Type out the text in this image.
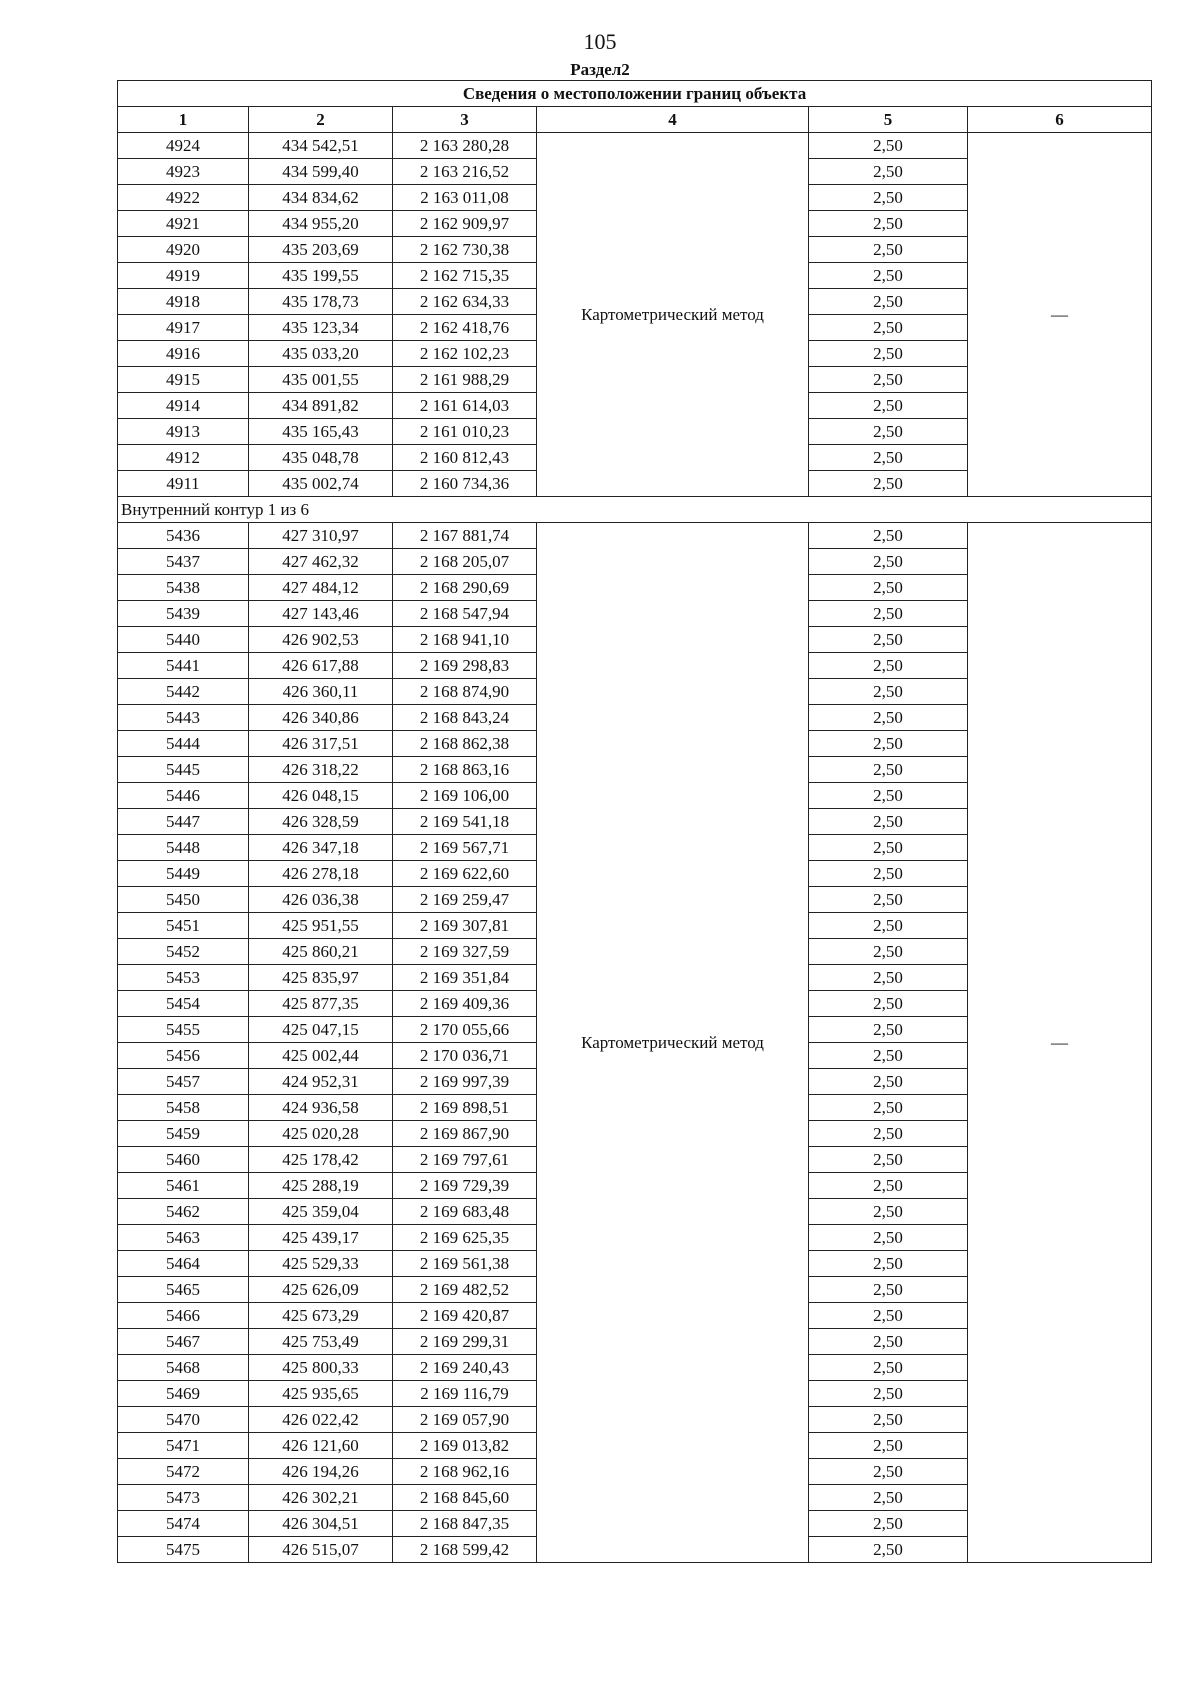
105
Раздел2
Сведения о местоположении границ объекта					
1	2	3	4	5	6
4924	434 542,51	2 163 280,28	Картометрический метод	2,50	—
4923	434 599,40	2 163 216,52		2,50	
4922	434 834,62	2 163 011,08		2,50	
4921	434 955,20	2 162 909,97		2,50	
4920	435 203,69	2 162 730,38		2,50	
4919	435 199,55	2 162 715,35		2,50	
4918	435 178,73	2 162 634,33		2,50	
4917	435 123,34	2 162 418,76		2,50	
4916	435 033,20	2 162 102,23		2,50	
4915	435 001,55	2 161 988,29		2,50	
4914	434 891,82	2 161 614,03		2,50	
4913	435 165,43	2 161 010,23		2,50	
4912	435 048,78	2 160 812,43		2,50	
4911	435 002,74	2 160 734,36		2,50	
Внутренний контур 1 из 6					
5436	427 310,97	2 167 881,74	Картометрический метод	2,50	—
5437	427 462,32	2 168 205,07		2,50	
5438	427 484,12	2 168 290,69		2,50	
5439	427 143,46	2 168 547,94		2,50	
5440	426 902,53	2 168 941,10		2,50	
5441	426 617,88	2 169 298,83		2,50	
5442	426 360,11	2 168 874,90		2,50	
5443	426 340,86	2 168 843,24		2,50	
5444	426 317,51	2 168 862,38		2,50	
5445	426 318,22	2 168 863,16		2,50	
5446	426 048,15	2 169 106,00		2,50	
5447	426 328,59	2 169 541,18		2,50	
5448	426 347,18	2 169 567,71		2,50	
5449	426 278,18	2 169 622,60		2,50	
5450	426 036,38	2 169 259,47		2,50	
5451	425 951,55	2 169 307,81		2,50	
5452	425 860,21	2 169 327,59		2,50	
5453	425 835,97	2 169 351,84		2,50	
5454	425 877,35	2 169 409,36		2,50	
5455	425 047,15	2 170 055,66		2,50	
5456	425 002,44	2 170 036,71		2,50	
5457	424 952,31	2 169 997,39		2,50	
5458	424 936,58	2 169 898,51		2,50	
5459	425 020,28	2 169 867,90		2,50	
5460	425 178,42	2 169 797,61		2,50	
5461	425 288,19	2 169 729,39		2,50	
5462	425 359,04	2 169 683,48		2,50	
5463	425 439,17	2 169 625,35		2,50	
5464	425 529,33	2 169 561,38		2,50	
5465	425 626,09	2 169 482,52		2,50	
5466	425 673,29	2 169 420,87		2,50	
5467	425 753,49	2 169 299,31		2,50	
5468	425 800,33	2 169 240,43		2,50	
5469	425 935,65	2 169 116,79		2,50	
5470	426 022,42	2 169 057,90		2,50	
5471	426 121,60	2 169 013,82		2,50	
5472	426 194,26	2 168 962,16		2,50	
5473	426 302,21	2 168 845,60		2,50	
5474	426 304,51	2 168 847,35		2,50	
5475	426 515,07	2 168 599,42		2,50	
